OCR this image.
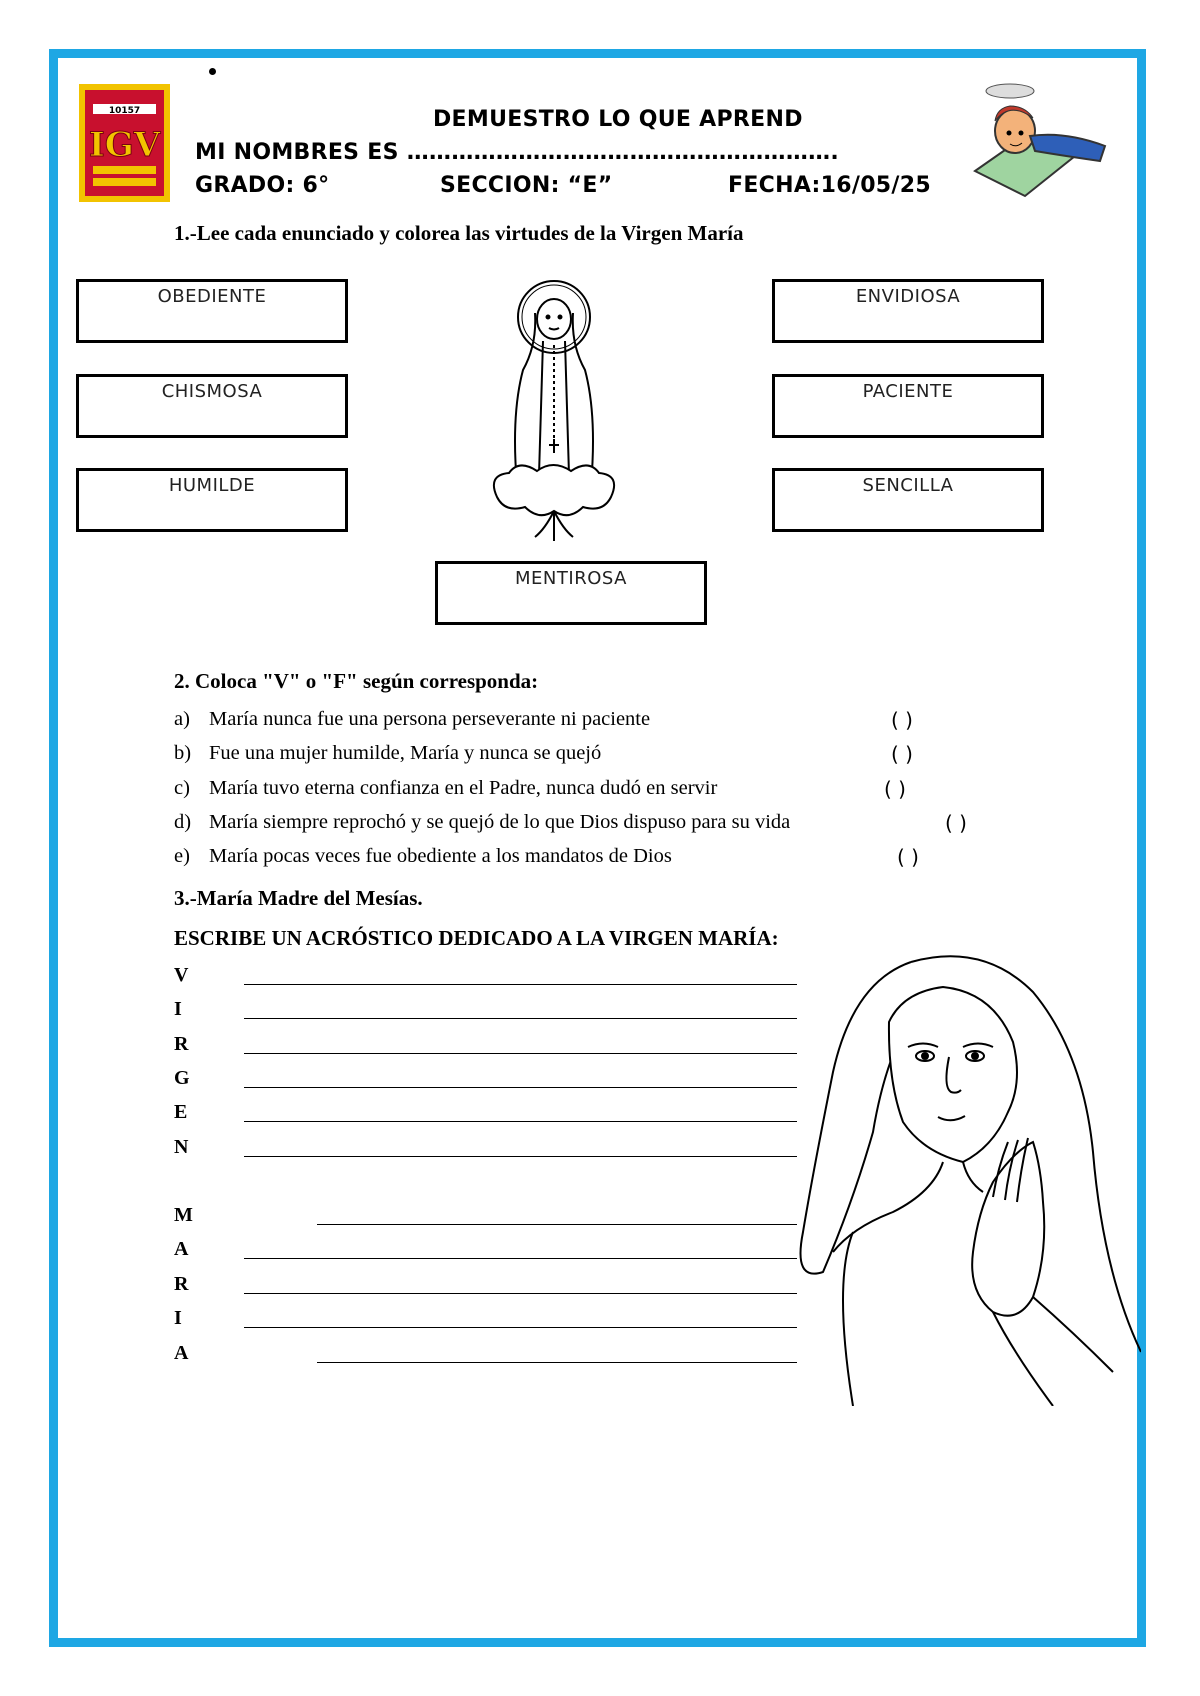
10157
IGV
DEMUESTRO LO QUE APREND
MI NOMBRES ES ………………………………………………….
GRADO: 6°	SECCION: “E”	FECHA:16/05/25
1.-Lee cada enunciado y colorea las virtudes de la Virgen María
OBEDIENTE
CHISMOSA
HUMILDE
ENVIDIOSA
PACIENTE
SENCILLA
MENTIROSA
2. Coloca "V" o "F" según corresponda:
a) María nunca fue una persona perseverante ni paciente	( )
b) Fue una mujer humilde, María y nunca se quejó	( )
c) María tuvo eterna confianza en el Padre, nunca dudó en servir	( )
d) María siempre reprochó y se quejó de lo que Dios dispuso para su vida	( )
e) María pocas veces fue obediente a los mandatos de Dios	( )
3.-María Madre del Mesías.
ESCRIBE UN ACRÓSTICO DEDICADO A LA VIRGEN MARÍA:
V
I
R
G
E
N
M
A
R
I
A
